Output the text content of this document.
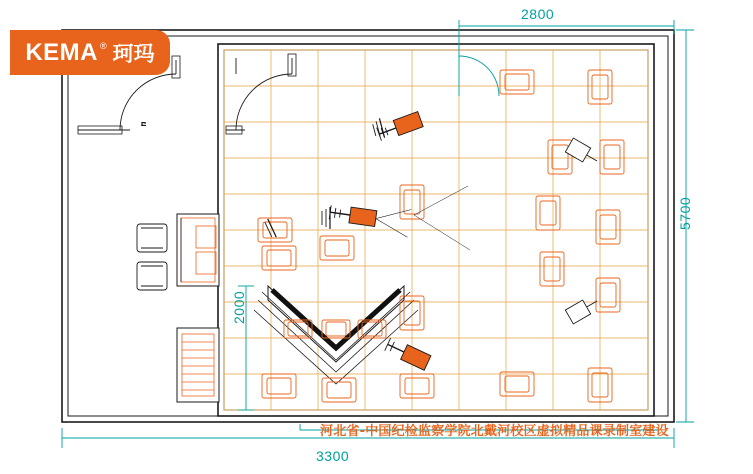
门
KEMA ® 珂玛
2800
3300
5700
2000
河北省-中国纪检监察学院北戴河校区虚拟精品课录制室建设
